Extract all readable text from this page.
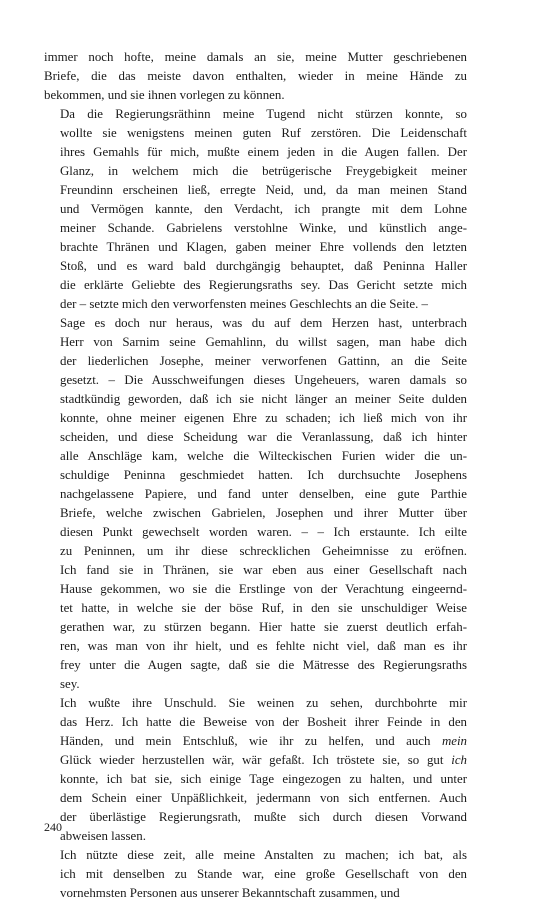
immer noch hofte, meine damals an sie, meine Mutter geschriebenen
Briefe, die das meiste davon enthalten, wieder in meine Hände zu
bekommen, und sie ihnen vorlegen zu können.
Da die Regierungsräthinn meine Tugend nicht stürzen konnte, so
wollte sie wenigstens meinen guten Ruf zerstören. Die Leidenschaft
ihres Gemahls für mich, mußte einem jeden in die Augen fallen. Der
Glanz, in welchem mich die betrügerische Freygebigkeit meiner
Freundinn erscheinen ließ, erregte Neid, und, da man meinen Stand
und Vermögen kannte, den Verdacht, ich prangte mit dem Lohne
meiner Schande. Gabrielens verstohlne Winke, und künstlich ange-
brachte Thränen und Klagen, gaben meiner Ehre vollends den letzten
Stoß, und es ward bald durchgängig behauptet, daß Peninna Haller
die erklärte Geliebte des Regierungsraths sey. Das Gericht setzte mich
der – setzte mich den verworfensten meines Geschlechts an die Seite. –
Sage es doch nur heraus, was du auf dem Herzen hast, unterbrach
Herr von Sarnim seine Gemahlinn, du willst sagen, man habe dich
der liederlichen Josephe, meiner verworfenen Gattinn, an die Seite
gesetzt. – Die Ausschweifungen dieses Ungeheuers, waren damals so
stadtkündig geworden, daß ich sie nicht länger an meiner Seite dulden
konnte, ohne meiner eigenen Ehre zu schaden; ich ließ mich von ihr
scheiden, und diese Scheidung war die Veranlassung, daß ich hinter
alle Anschläge kam, welche die Wilteckischen Furien wider die un-
schuldige Peninna geschmiedet hatten. Ich durchsuchte Josephens
nachgelassene Papiere, und fand unter denselben, eine gute Parthie
Briefe, welche zwischen Gabrielen, Josephen und ihrer Mutter über
diesen Punkt gewechselt worden waren. – – Ich erstaunte. Ich eilte
zu Peninnen, um ihr diese schrecklichen Geheimnisse zu eröfnen.
Ich fand sie in Thränen, sie war eben aus einer Gesellschaft nach
Hause gekommen, wo sie die Erstlinge von der Verachtung eingeernd-
tet hatte, in welche sie der böse Ruf, in den sie unschuldiger Weise
gerathen war, zu stürzen begann. Hier hatte sie zuerst deutlich erfah-
ren, was man von ihr hielt, und es fehlte nicht viel, daß man es ihr
frey unter die Augen sagte, daß sie die Mätresse des Regierungsraths
sey.
Ich wußte ihre Unschuld. Sie weinen zu sehen, durchbohrte mir
das Herz. Ich hatte die Beweise von der Bosheit ihrer Feinde in den
Händen, und mein Entschluß, wie ihr zu helfen, und auch mein
Glück wieder herzustellen wär, wär gefaßt. Ich tröstete sie, so gut ich
konnte, ich bat sie, sich einige Tage eingezogen zu halten, und unter
dem Schein einer Unpäßlichkeit, jedermann von sich entfernen. Auch
der überlästige Regierungsrath, mußte sich durch diesen Vorwand
abweisen lassen.
Ich nützte diese zeit, alle meine Anstalten zu machen; ich bat, als
ich mit denselben zu Stande war, eine große Gesellschaft von den
vornehmsten Personen aus unserer Bekanntschaft zusammen, und
240
